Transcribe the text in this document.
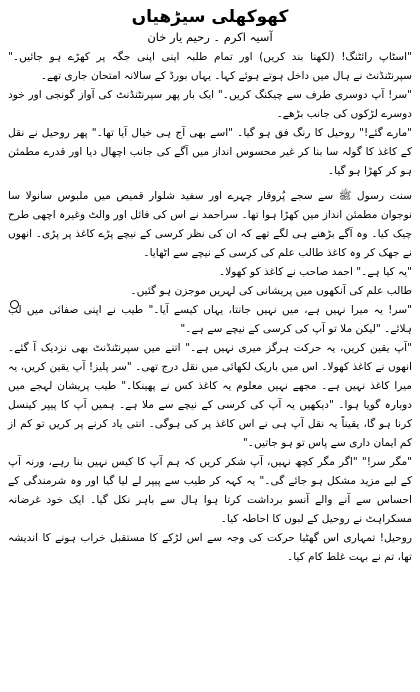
کھوکھلی سیڑھیاں

آسیہ اکرم ۔ رحیم یار خان

"اسٹاپ رائٹنگ! (لکھنا بند کریں) اور تمام طلبہ اپنی اپنی جگہ پر کھڑے ہو جائیں۔" سپرنٹنڈنٹ نے ہال میں داخل ہوتے ہوئے کہا۔ یہاں بورڈ کے سالانہ امتحان جاری تھے۔

"سر! آپ دوسری طرف سے چیکنگ کریں۔" ایک بار پھر سپرنٹنڈنٹ کی آواز گونجی اور خود دوسرے لڑکوں کی جانب بڑھے۔

"مارے گئے!" روحیل کا رنگ فق ہو گیا۔ "اسے بھی آج ہی خیال آیا تھا۔" پھر روحیل نے نقل کے کاغذ کا گولہ سا بنا کر غیر محسوس انداز میں آگے کی جانب اچھال دیا اور قدرے مطمئن ہو کر کھڑا ہو گیا۔

سنت رسول ﷺ سے سجے پُروقار چہرے اور سفید شلوار قمیص میں ملبوس سانولا سا نوجوان مطمئن انداز میں کھڑا ہوا تھا۔ سراحمد نے اس کی فائل اور والٹ وغیرہ اچھی طرح چیک کیا۔ وہ آگے بڑھنے ہی لگے تھے کہ ان کی نظر کرسی کے نیچے پڑے کاغذ پر پڑی۔ انھوں نے جھک کر وہ کاغذ طالب علم کی کرسی کے نیچے سے اٹھایا۔

"یہ کیا ہے۔" احمد صاحب نے کاغذ کو کھولا۔

طالب علم کی آنکھوں میں پریشانی کی لہریں موجزن ہو گئیں۔

"سر! یہ میرا نہیں ہے، میں نہیں جانتا، یہاں کیسے آیا۔" طیب نے اپنی صفائی میں لب ہلائے۔ "لیکن ملا تو آپ کی کرسی کے نیچے سے ہے۔"

"آپ یقین کریں، یہ حرکت ہرگز میری نہیں ہے۔" اتنے میں سپرنٹنڈنٹ بھی نزدیک آ گئے۔ انھوں نے کاغذ کھولا۔ اس میں باریک لکھائی میں نقل درج تھی۔ "سر پلیز! آپ یقین کریں، یہ میرا کاغذ نہیں ہے۔ مجھے نہیں معلوم یہ کاغذ کس نے پھینکا۔" طیب پریشان لہجے میں دوبارہ گویا ہوا۔ "دیکھیں یہ آپ کی کرسی کے نیچے سے ملا ہے۔ ہمیں آپ کا پیپر کینسل کرنا ہو گا، یقیناً یہ نقل آپ ہی نے اس کاغذ پر کی ہوگی۔ انتی یاد کرنے پر کریں تو کم از کم ایمان داری سے پاس تو ہو جاتیں۔"

"مگر سر!" "اگر مگر کچھ نہیں، آپ شکر کریں کہ ہم آپ کا کیس نہیں بنا رہے، ورنہ آپ کے لیے مزید مشکل ہو جائے گی۔" یہ کہہ کر طیب سے پیپر لے لیا گیا اور وہ شرمندگی کے احساس سے آنے والے آنسو برداشت کرتا ہوا ہال سے باہر نکل گیا۔ ایک خود غرضانہ مسکراہٹ نے روحیل کے لبوں کا احاطہ کیا۔

روحیل! تمہاری اس گھٹیا حرکت کی وجہ سے اس لڑکے کا مستقبل خراب ہونے کا اندیشہ تھا، تم نے بہت غلط کام کیا۔
